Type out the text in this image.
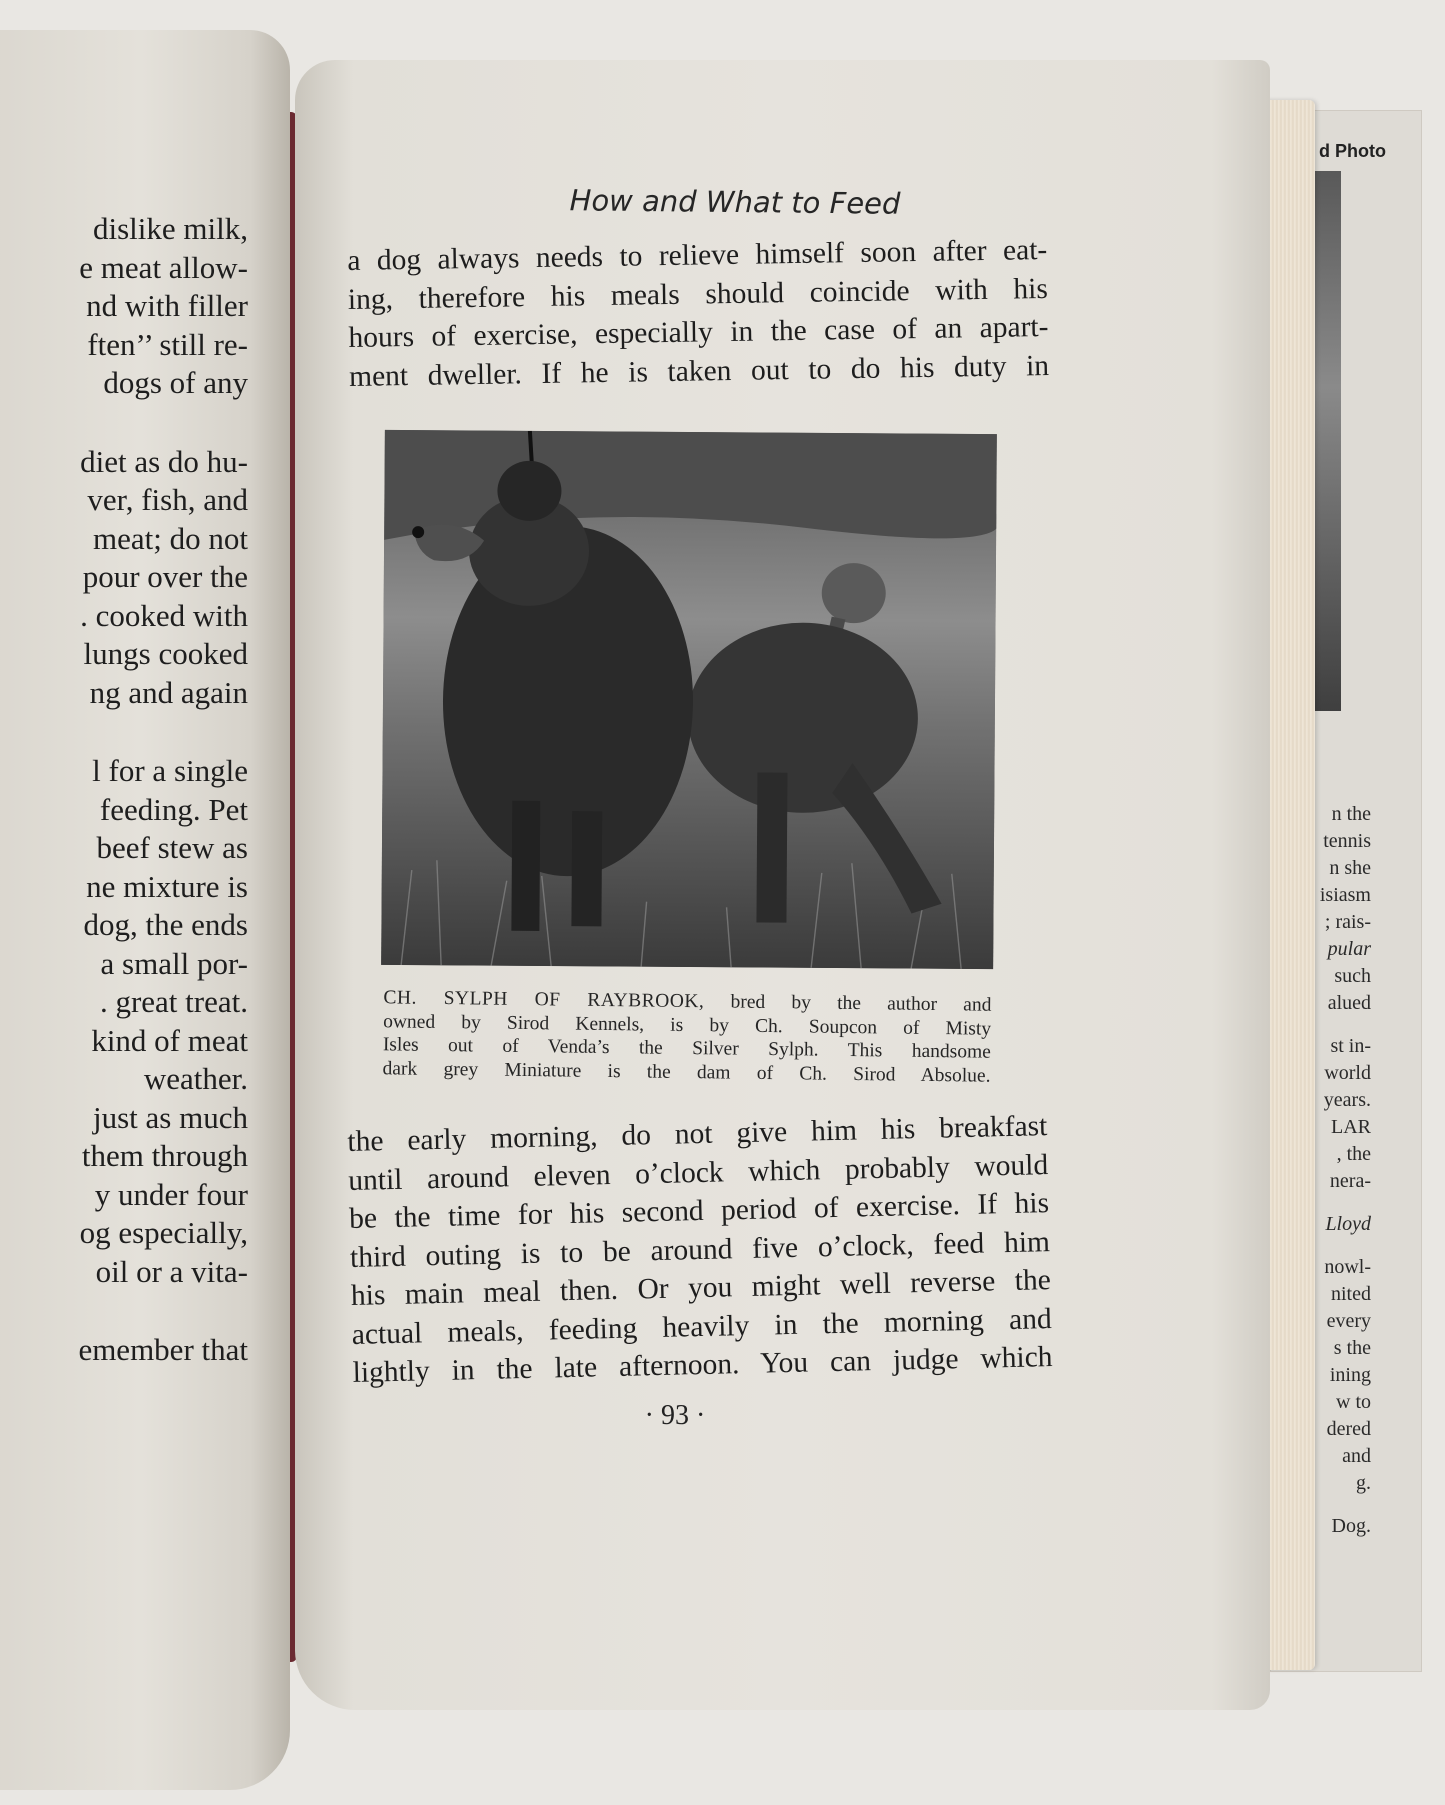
d Photo
n the
tennis
n she
isiasm
; rais-
pular
such
alued
st in-
world
years.
LAR
, the
nera-
Lloyd
nowl-
nited
every
s the
ining
w to
dered
and
g.
Dog.
dislike milk,
e meat allow-
nd with filler
ften’’ still re-
dogs of any
diet as do hu-
ver, fish, and
meat; do not
pour over the
. cooked with
lungs cooked
ng and again
l for a single
feeding. Pet
beef stew as
ne mixture is
dog, the ends
a small por-
. great treat.
kind of meat
weather.
just as much
them through
y under four
og especially,
oil or a vita-
emember that
How and What to Feed
a dog always needs to relieve himself soon after eat-
ing, therefore his meals should coincide with his
hours of exercise, especially in the case of an apart-
ment dweller. If he is taken out to do his duty in
CH. SYLPH OF RAYBROOK, bred by the author and
owned by Sirod Kennels, is by Ch. Soupcon of Misty
Isles out of Venda’s the Silver Sylph. This handsome
dark grey Miniature is the dam of Ch. Sirod Absolue.
the early morning, do not give him his breakfast
until around eleven o’clock which probably would
be the time for his second period of exercise. If his
third outing is to be around five o’clock, feed him
his main meal then. Or you might well reverse the
actual meals, feeding heavily in the morning and
lightly in the late afternoon. You can judge which
· 93 ·
